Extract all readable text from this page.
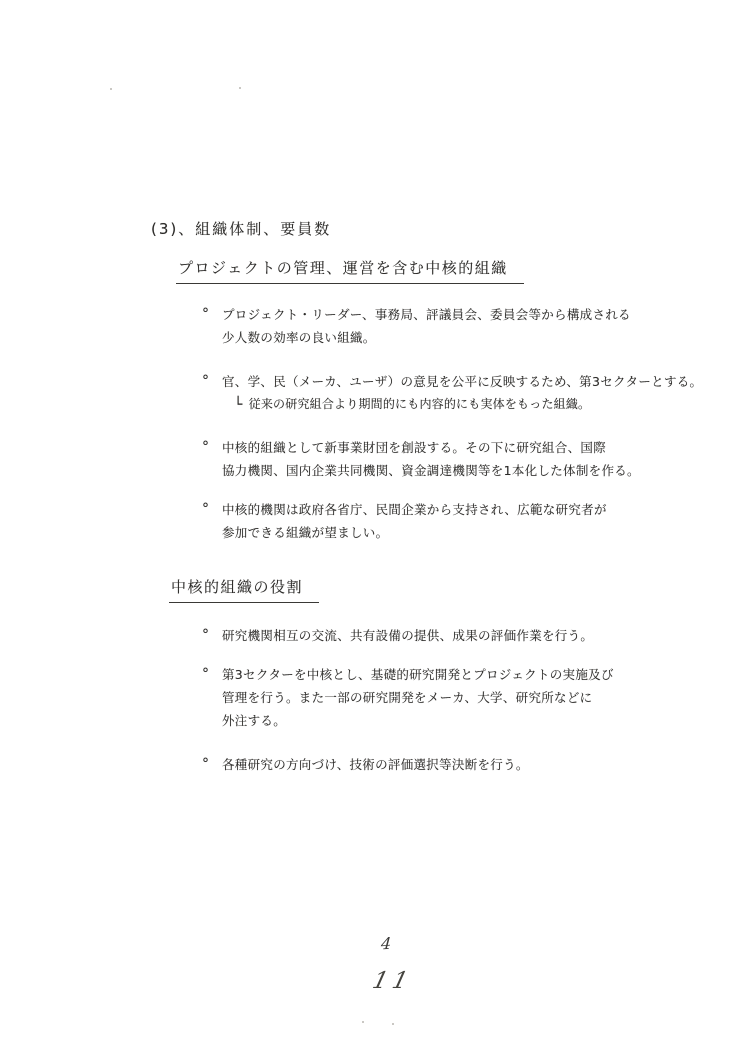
(3)、組織体制、要員数
プロジェクトの管理、運営を含む中核的組織
°	プロジェクト・リーダー、事務局、評議員会、委員会等から構成される
少人数の効率の良い組織。
°	官、学、民（メーカ、ユーザ）の意見を公平に反映するため、第3セクターとする。
└ 従来の研究組合より期間的にも内容的にも実体をもった組織。
°	中核的組織として新事業財団を創設する。その下に研究組合、国際
協力機関、国内企業共同機関、資金調達機関等を1本化した体制を作る。
°	中核的機関は政府各省庁、民間企業から支持され、広範な研究者が
参加できる組織が望ましい。
中核的組織の役割
°	研究機関相互の交流、共有設備の提供、成果の評価作業を行う。
°	第3セクターを中核とし、基礎的研究開発とプロジェクトの実施及び
管理を行う。また一部の研究開発をメーカ、大学、研究所などに
外注する。
°	各種研究の方向づけ、技術の評価選択等決断を行う。
4
11
